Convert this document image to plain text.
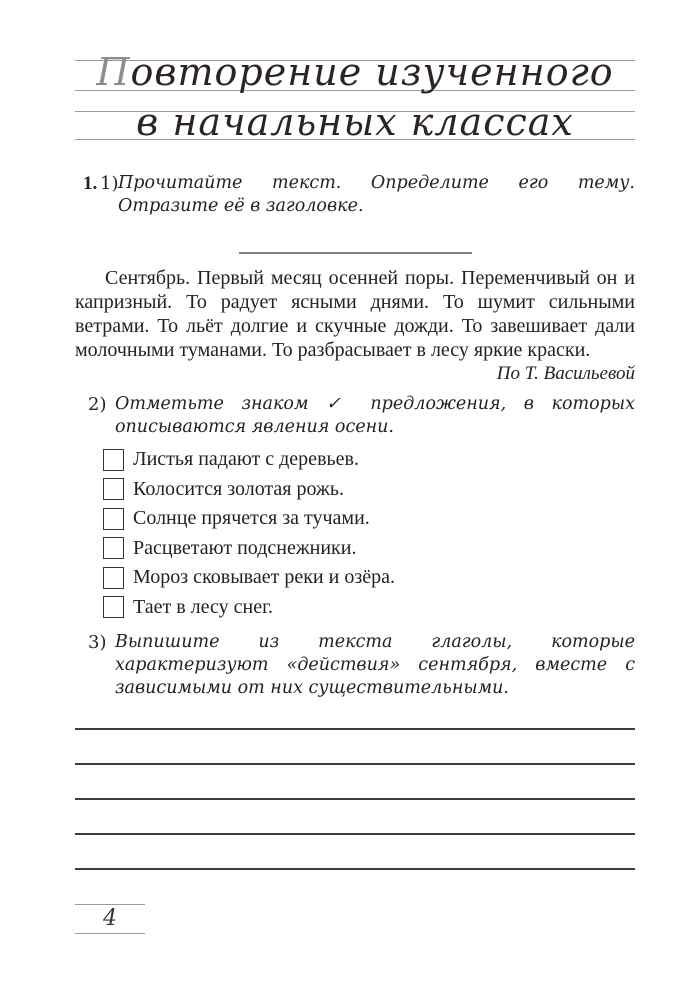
Повторение изученного
в начальных классах
1. 1) Прочитайте текст. Определите его тему. Отразите её в заголовке.

Сентябрь. Первый месяц осенней поры. Переменчивый он и капризный. То радует ясными днями. То шумит сильными ветрами. То льёт долгие и скучные дожди. То завешивает дали молочными туманами. То разбрасывает в лесу яркие краски.

По Т. Васильевой
2) Отметьте знаком ✓ предложения, в которых описываются явления осени.
Листья падают с деревьев.
Колосится золотая рожь.
Солнце прячется за тучами.
Расцветают подснежники.
Мороз сковывает реки и озёра.
Тает в лесу снег.
3) Выпишите из текста глаголы, которые характеризуют «действия» сентября, вместе с зависимыми от них существительными.
4
